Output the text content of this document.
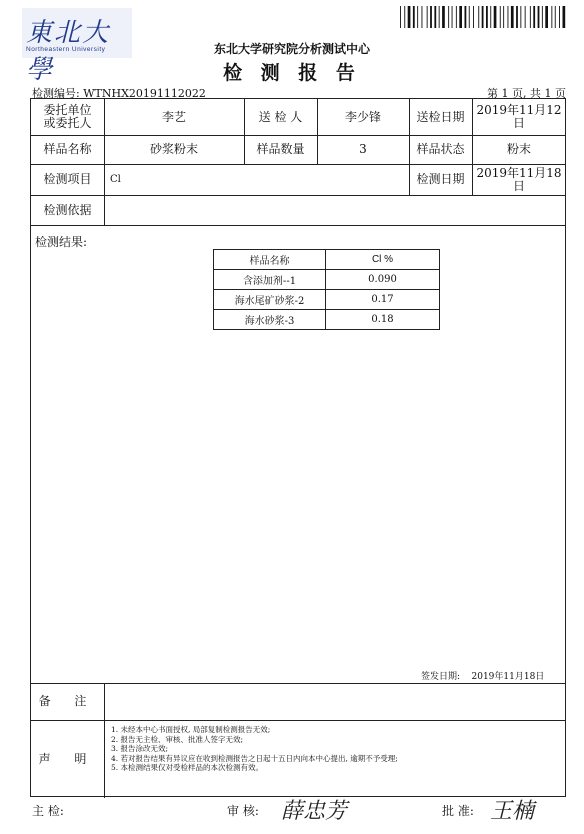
東北大學
Northeastern University	东北大学研究院分析测试中心
检 测 报 告
检测编号: WTNHX20191112022	第 1 页, 共 1 页
委托单位
或委托人	李艺	送 检 人	李少锋	送检日期 2019年11月12日
样品名称	砂浆粉末	样品数量	3	样品状态	粉末
检测项目	Cl	检测日期 2019年11月18日
检测依据
检测结果:
签发日期: 2019年11月18日
备 注
声 明
1. 未经本中心书面授权, 局部复制检测报告无效;
2. 报告无主检、审核、批准人签字无效;
3. 报告涂改无效;
4. 若对报告结果有异议应在收到检测报告之日起十五日内向本中心提出, 逾期不予受理;
5. 本检测结果仅对受检样品的本次检测有效。
样品名称	Cl %
含添加剂--1	0.090
海水尾矿砂浆-2	0.17
海水砂浆-3	0.18
主 检:	审 核: 薛忠芳	批 准: 王楠
